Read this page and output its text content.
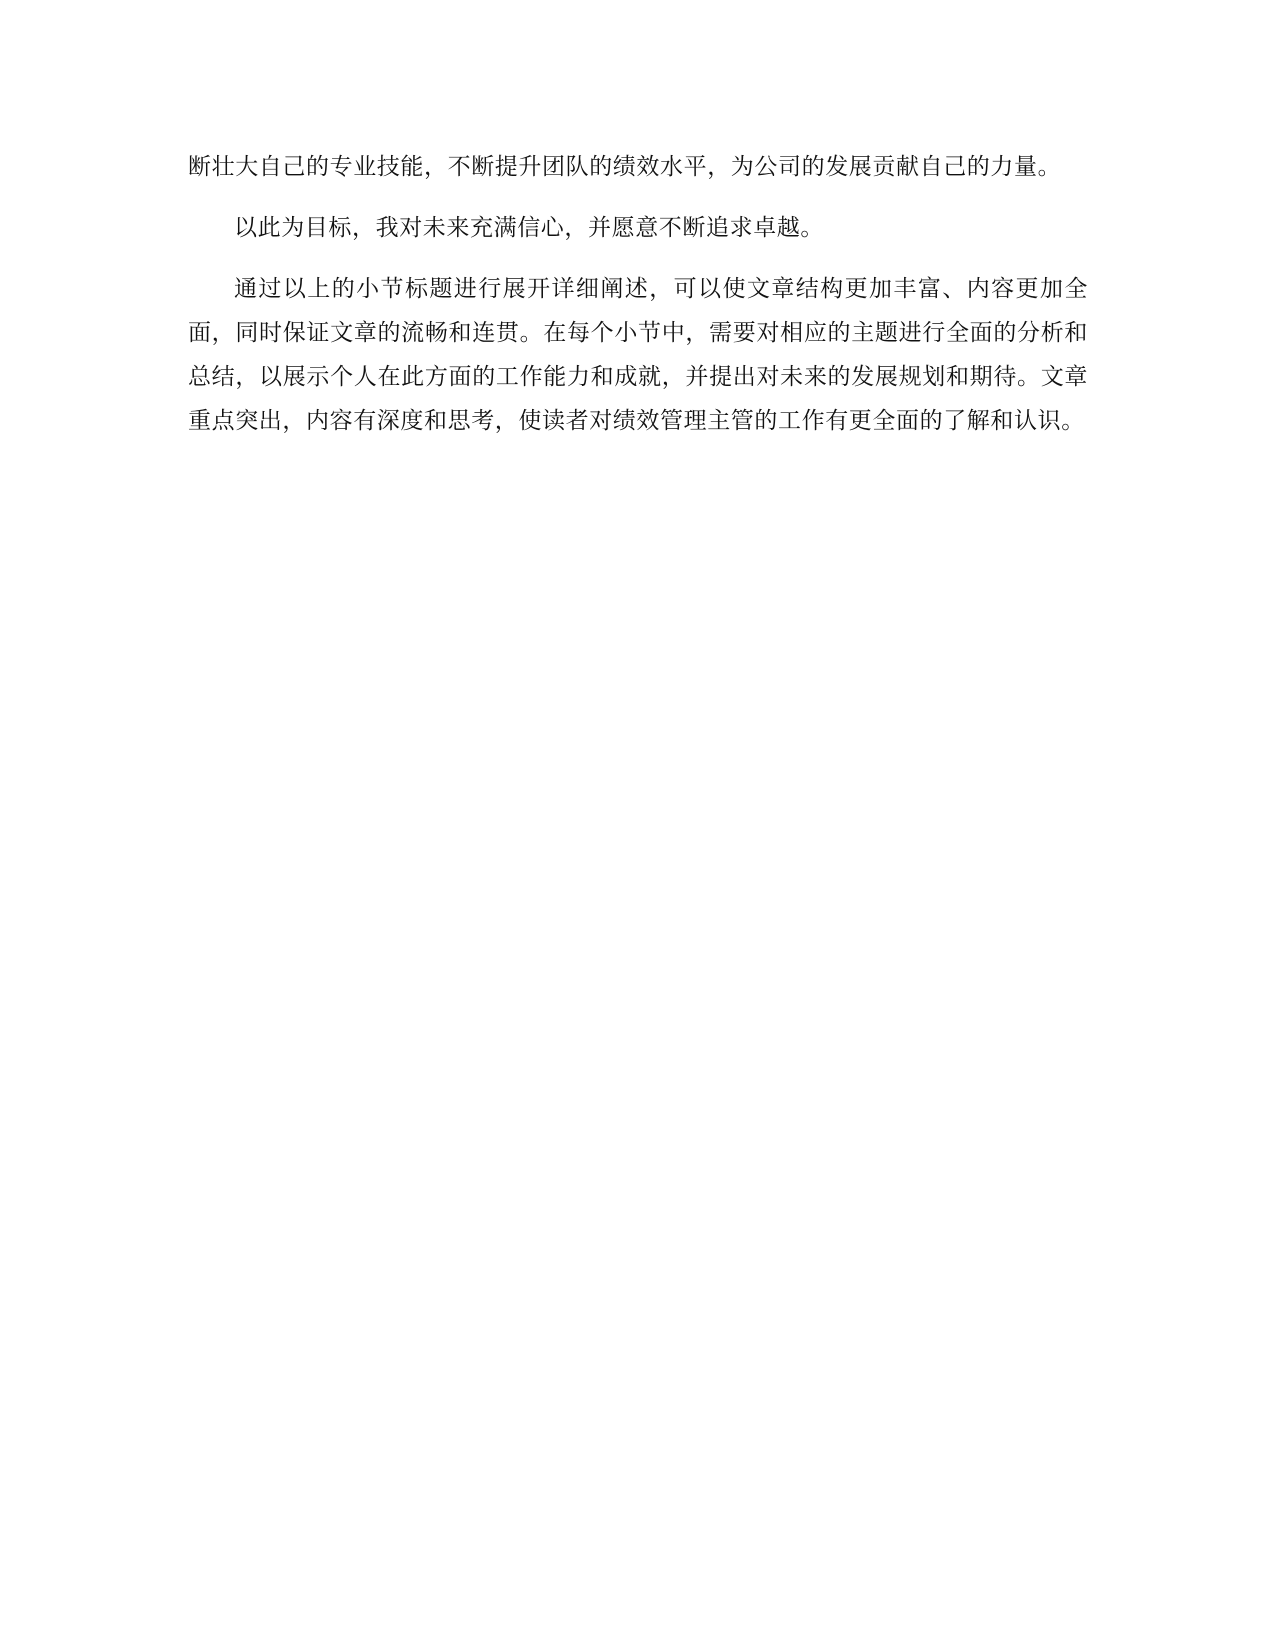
断壮大自己的专业技能，不断提升团队的绩效水平，为公司的发展贡献自己的力量。

以此为目标，我对未来充满信心，并愿意不断追求卓越。

通过以上的小节标题进行展开详细阐述，可以使文章结构更加丰富、内容更加全面，同时保证文章的流畅和连贯。在每个小节中，需要对相应的主题进行全面的分析和总结，以展示个人在此方面的工作能力和成就，并提出对未来的发展规划和期待。文章重点突出，内容有深度和思考，使读者对绩效管理主管的工作有更全面的了解和认识。
